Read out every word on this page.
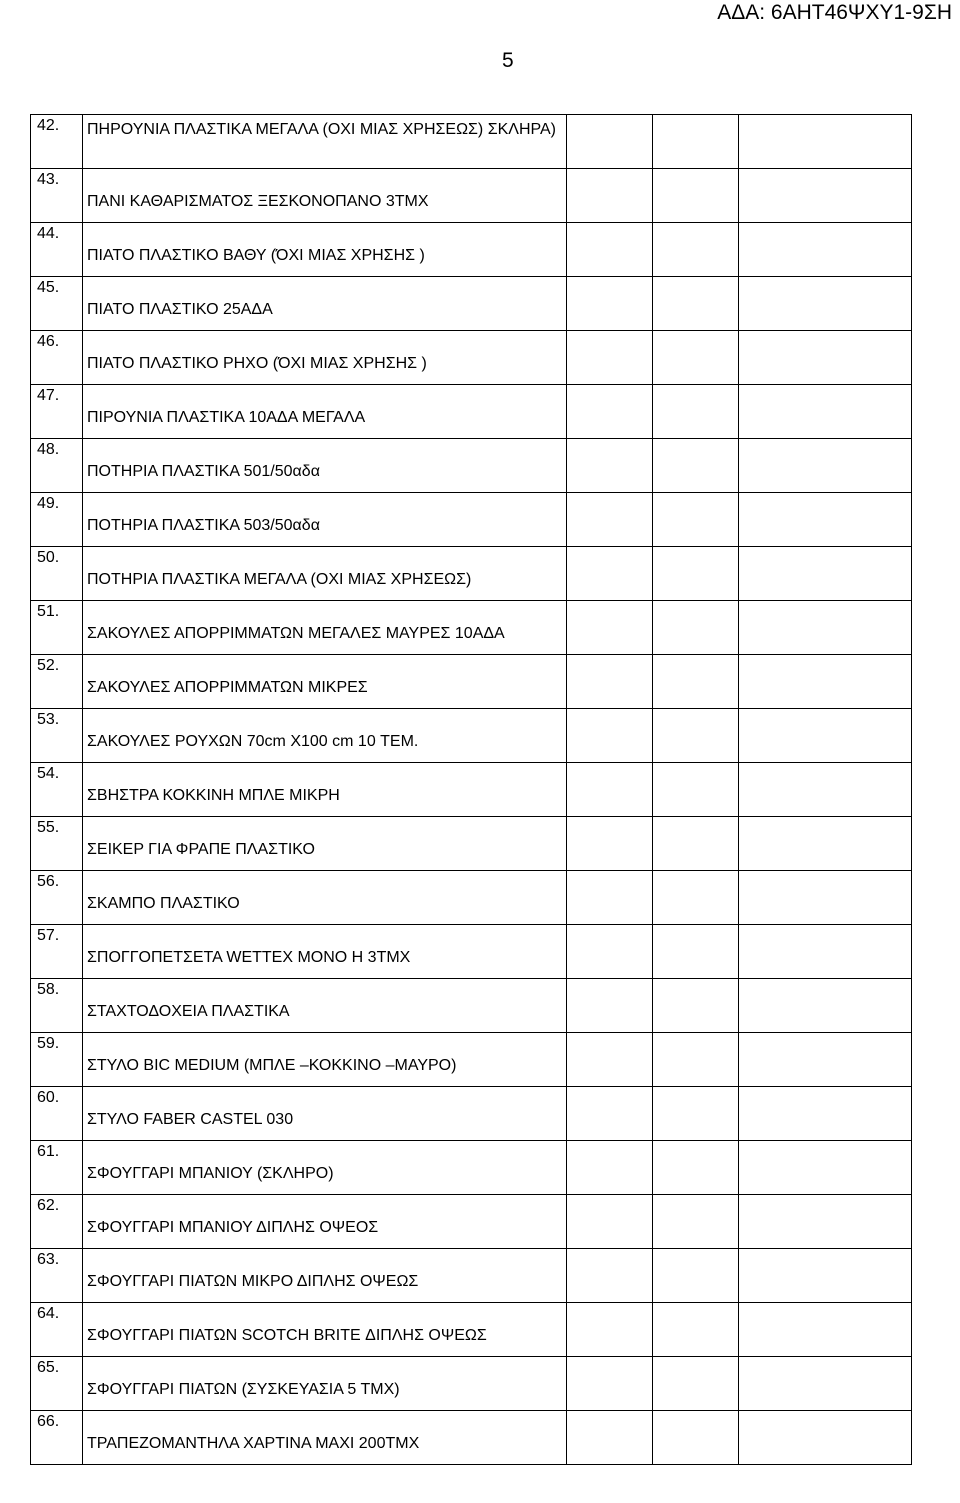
ΑΔΑ: 6ΑΗΤ46ΨΧΥ1-9ΣΗ
5
42.	ΠΗΡΟΥΝΙΑ ΠΛΑΣΤΙΚΑ ΜΕΓΑΛΑ (ΟΧΙ ΜΙΑΣ ΧΡΗΣΕΩΣ) ΣΚΛΗΡΑ)			

43.	ΠΑΝΙ ΚΑΘΑΡΙΣΜΑΤΟΣ ΞΕΣΚΟΝΟΠΑΝΟ 3ΤΜΧ			

44.	ΠΙΑΤΟ ΠΛΑΣΤΙΚΟ ΒΑΘΥ (ΌΧΙ ΜΙΑΣ ΧΡΗΣΗΣ )			

45.	ΠΙΑΤΟ ΠΛΑΣΤΙΚΟ 25ΑΔΑ			

46.	ΠΙΑΤΟ ΠΛΑΣΤΙΚΟ ΡΗΧΟ (ΌΧΙ ΜΙΑΣ ΧΡΗΣΗΣ )			

47.	ΠΙΡΟΥΝΙΑ ΠΛΑΣΤΙΚΑ 10ΑΔΑ ΜΕΓΑΛΑ			

48.	ΠΟΤΗΡΙΑ ΠΛΑΣΤΙΚΑ 501/50αδα			

49.	ΠΟΤΗΡΙΑ ΠΛΑΣΤΙΚΑ 503/50αδα			

50.	ΠΟΤΗΡΙΑ ΠΛΑΣΤΙΚΑ ΜΕΓΑΛΑ (ΟΧΙ ΜΙΑΣ ΧΡΗΣΕΩΣ)			

51.	ΣΑΚΟΥΛΕΣ ΑΠΟΡΡΙΜΜΑΤΩΝ ΜΕΓΑΛΕΣ ΜΑΥΡΕΣ 10ΑΔΑ			

52.	ΣΑΚΟΥΛΕΣ ΑΠΟΡΡΙΜΜΑΤΩΝ ΜΙΚΡΕΣ			

53.	ΣΑΚΟΥΛΕΣ ΡΟΥΧΩΝ 70cm X100 cm 10 ΤΕΜ.			

54.	ΣΒΗΣΤΡΑ ΚΟΚΚΙΝΗ ΜΠΛΕ ΜΙΚΡΗ			

55.	ΣΕΙΚΕΡ ΓΙΑ ΦΡΑΠΕ ΠΛΑΣΤΙΚΟ			

56.	ΣΚΑΜΠΟ ΠΛΑΣΤΙΚΟ			

57.	ΣΠΟΓΓΟΠΕΤΣΕΤΑ WETTEX ΜΟΝΟ Η 3ΤΜΧ			

58.	ΣΤΑΧΤΟΔΟΧΕΙΑ ΠΛΑΣΤΙΚΑ			

59.	ΣΤΥΛΟ BIC MEDIUM (ΜΠΛΕ –ΚΟΚΚΙΝΟ –ΜΑΥΡΟ)			

60.	ΣΤΥΛΟ FABER CASTEL 030			

61.	ΣΦΟΥΓΓΑΡΙ ΜΠΑΝΙΟΥ (ΣΚΛΗΡΟ)			

62.	ΣΦΟΥΓΓΑΡΙ ΜΠΑΝΙΟΥ ΔΙΠΛΗΣ ΟΨΕΟΣ			

63.	ΣΦΟΥΓΓΑΡΙ ΠΙΑΤΩΝ ΜΙΚΡΟ ΔΙΠΛΗΣ ΟΨΕΩΣ			

64.	ΣΦΟΥΓΓΑΡΙ ΠΙΑΤΩΝ SCOTCH BRITE ΔΙΠΛΗΣ ΟΨΕΩΣ			

65.	ΣΦΟΥΓΓΑΡΙ ΠΙΑΤΩΝ (ΣΥΣΚΕΥΑΣΙΑ 5 ΤΜΧ)			

66.	ΤΡΑΠΕΖΟΜΑΝΤΗΛΑ ΧΑΡΤΙΝΑ ΜΑΧΙ 200ΤΜΧ			
